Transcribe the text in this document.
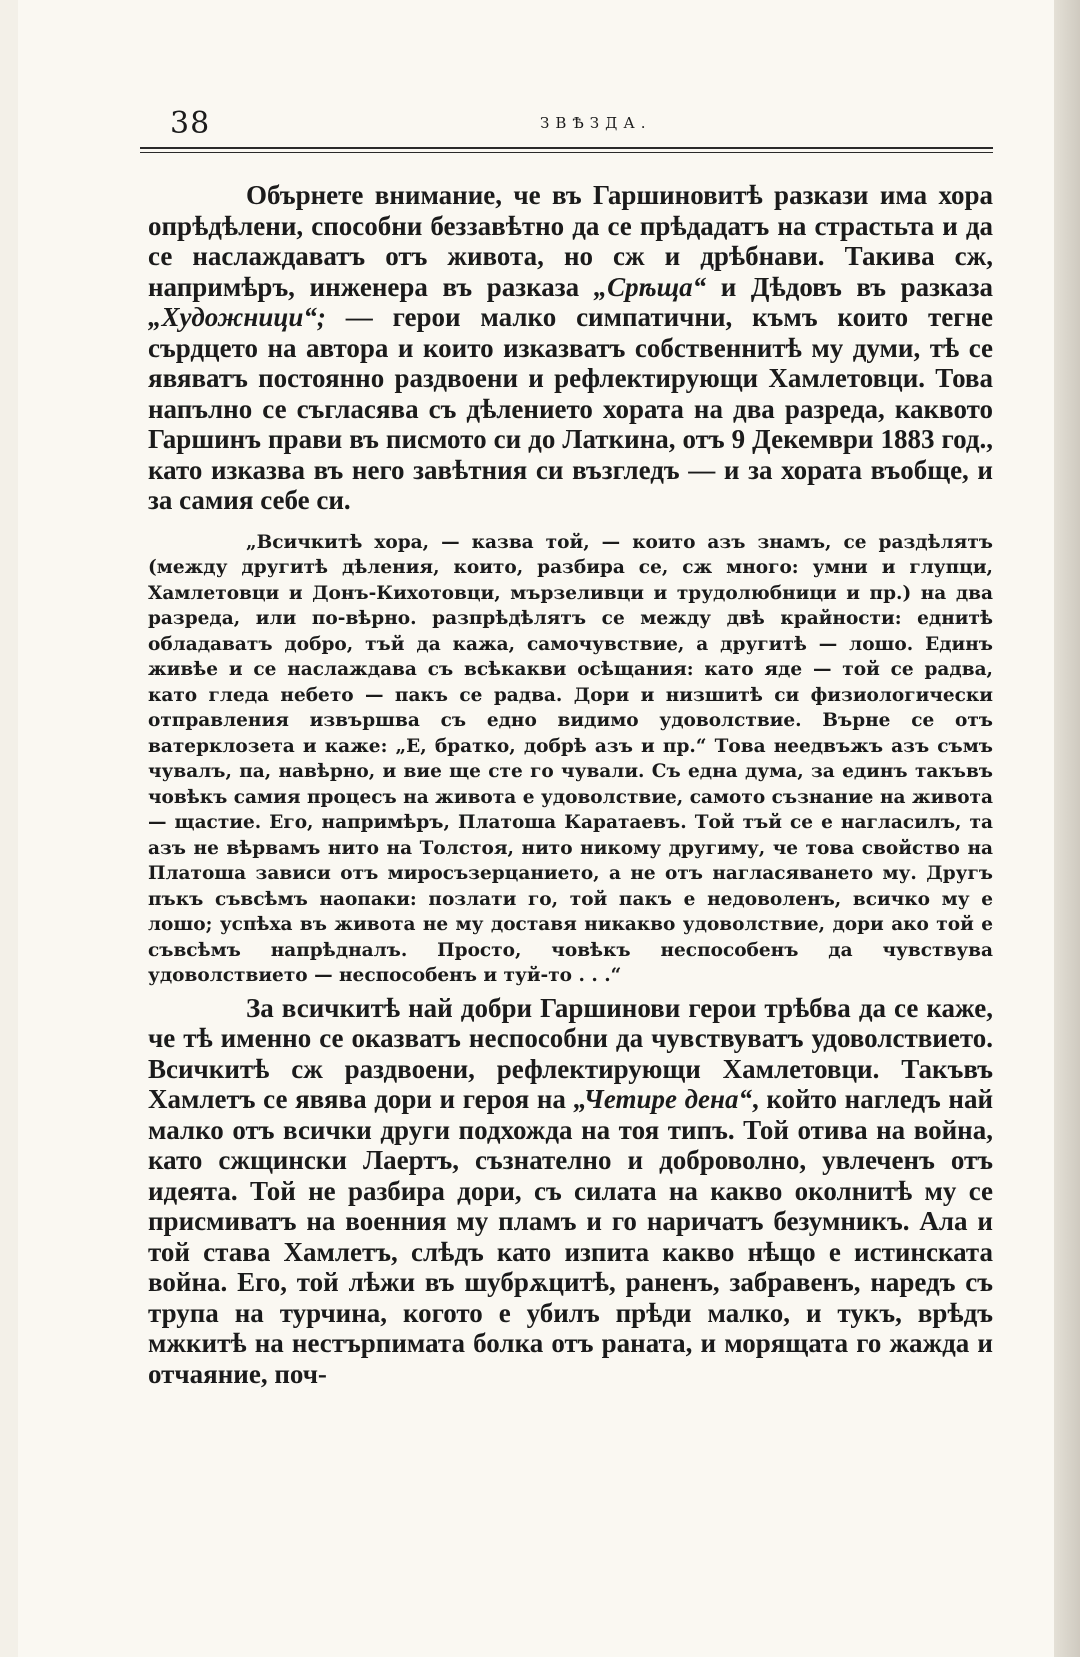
38	ЗВѢЗДА.

Обърнете внимание, че въ Гаршиновитѣ разкази има хора опрѣдѣлени, способни беззавѣтно да се прѣдадатъ на страстьта и да се наслаждаватъ отъ живота, но сж и дрѣбнави. Такива сж, напримѣръ, инженера въ разказа „Срѣща“ и Дѣдовъ въ разказа „Художници“; — герои малко симпатични, къмъ които тегне сърдцето на автора и които изказватъ собственнитѣ му думи, тѣ се явяватъ постоянно раздвоени и рефлектирующи Хамлетовци. Това напълно се съгласява съ дѣлението хората на два разреда, каквото Гаршинъ прави въ писмото си до Латкина, отъ 9 Декември 1883 год., като изказва въ него завѣтния си възгледъ — и за хората въобще, и за самия себе си.

„Всичкитѣ хора, — казва той, — които азъ знамъ, се раздѣлятъ (между другитѣ дѣления, които, разбира се, сж много: умни и глупци, Хамлетовци и Донъ-Кихотовци, мързеливци и трудолюбници и пр.) на два разреда, или по-вѣрно. разпрѣдѣлятъ се между двѣ крайности: еднитѣ обладаватъ добро, тъй да кажа, самочувствие, а другитѣ — лошо. Единъ живѣе и се наслаждава съ всѣкакви осѣщания: като яде — той се радва, като гледа небето — пакъ се радва. Дори и низшитѣ си физиологически отправления извършва съ едно видимо удоволствие. Върне се отъ ватерклозета и каже: „Е, братко, добрѣ азъ и пр.“ Това неедвъжъ азъ съмъ чувалъ, па, навѣрно, и вие ще сте го чували. Съ една дума, за единъ такъвъ човѣкъ самия процесъ на живота е удоволствие, самото съзнание на живота — щастие. Его, напримѣръ, Платоша Каратаевъ. Той тъй се е нагласилъ, та азъ не вѣрвамъ нито на Толстоя, нито никому другиму, че това свойство на Платоша зависи отъ миросъзерцанието, а не отъ нагласяването му. Другъ пъкъ съвсѣмъ наопаки: позлати го, той пакъ е недоволенъ, всичко му е лошо; успѣха въ живота не му доставя никакво удоволствие, дори ако той е съвсѣмъ напрѣдналъ. Просто, човѣкъ неспособенъ да чувствува удоволствието — неспособенъ и туй-то . . .“

За всичкитѣ най добри Гаршинови герои трѣбва да се каже, че тѣ именно се оказватъ неспособни да чувствуватъ удоволствието. Всичкитѣ сж раздвоени, рефлектирующи Хамлетовци. Такъвъ Хамлетъ се явява дори и героя на „Четире дена“, който нагледъ най малко отъ всички други подхожда на тоя типъ. Той отива на война, като сжщински Лаертъ, съзнателно и доброволно, увлеченъ отъ идеята. Той не разбира дори, съ силата на какво околнитѣ му се присмиватъ на военния му пламъ и го наричатъ безумникъ. Ала и той става Хамлетъ, слѣдъ като изпита какво нѣщо е истинската война. Его, той лѣжи въ шубрѫцитѣ, раненъ, забравенъ, наредъ съ трупа на турчина, когото е убилъ прѣди малко, и тукъ, врѣдъ мжкитѣ на нестърпимата болка отъ раната, и морящата го жажда и отчаяние, поч-
